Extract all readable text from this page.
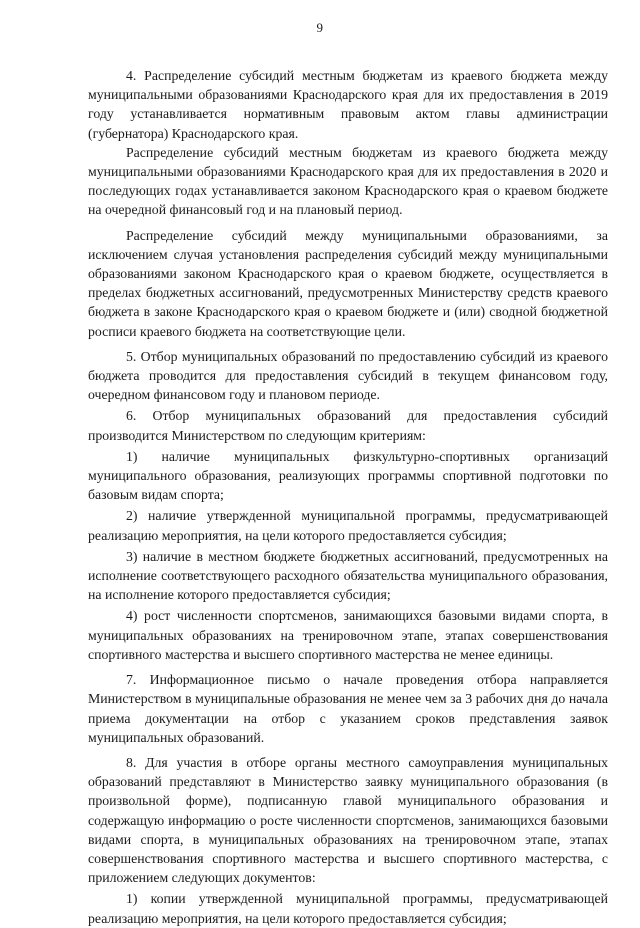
9

4. Распределение субсидий местным бюджетам из краевого бюджета между муниципальными образованиями Краснодарского края для их предоставления в 2019 году устанавливается нормативным правовым актом главы администрации (губернатора) Краснодарского края.

Распределение субсидий местным бюджетам из краевого бюджета между муниципальными образованиями Краснодарского края для их предоставления в 2020 и последующих годах устанавливается законом Краснодарского края о краевом бюджете на очередной финансовый год и на плановый период.

Распределение субсидий между муниципальными образованиями, за исключением случая установления распределения субсидий между муниципальными образованиями законом Краснодарского края о краевом бюджете, осуществляется в пределах бюджетных ассигнований, предусмотренных Министерству средств краевого бюджета в законе Краснодарского края о краевом бюджете и (или) сводной бюджетной росписи краевого бюджета на соответствующие цели.

5. Отбор муниципальных образований по предоставлению субсидий из краевого бюджета проводится для предоставления субсидий в текущем финансовом году, очередном финансовом году и плановом периоде.

6. Отбор муниципальных образований для предоставления субсидий производится Министерством по следующим критериям:

1) наличие муниципальных физкультурно-спортивных организаций муниципального образования, реализующих программы спортивной подготовки по базовым видам спорта;

2) наличие утвержденной муниципальной программы, предусматривающей реализацию мероприятия, на цели которого предоставляется субсидия;

3) наличие в местном бюджете бюджетных ассигнований, предусмотренных на исполнение соответствующего расходного обязательства муниципального образования, на исполнение которого предоставляется субсидия;

4) рост численности спортсменов, занимающихся базовыми видами спорта, в муниципальных образованиях на тренировочном этапе, этапах совершенствования спортивного мастерства и высшего спортивного мастерства не менее единицы.

7. Информационное письмо о начале проведения отбора направляется Министерством в муниципальные образования не менее чем за 3 рабочих дня до начала приема документации на отбор с указанием сроков представления заявок муниципальных образований.

8. Для участия в отборе органы местного самоуправления муниципальных образований представляют в Министерство заявку муниципального образования (в произвольной форме), подписанную главой муниципального образования и содержащую информацию о росте численности спортсменов, занимающихся базовыми видами спорта, в муниципальных образованиях на тренировочном этапе, этапах совершенствования спортивного мастерства и высшего спортивного мастерства, с приложением следующих документов:

1) копии утвержденной муниципальной программы, предусматривающей реализацию мероприятия, на цели которого предоставляется субсидия;
